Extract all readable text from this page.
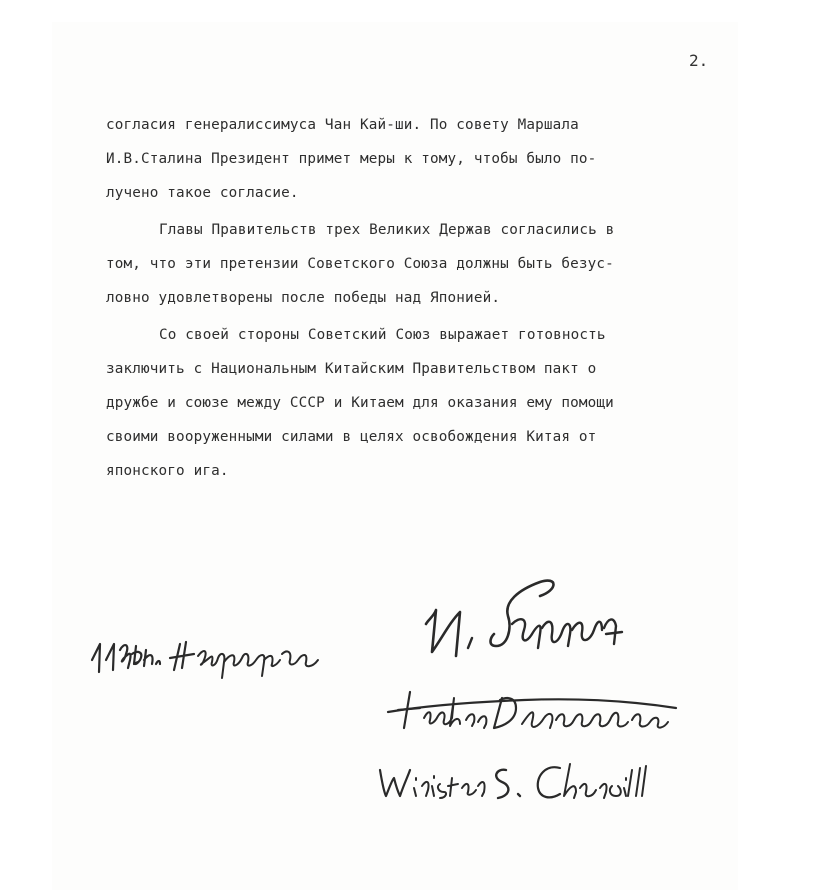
2.
согласия генералиссимуса Чан Кай-ши. По совету Маршала
И.В.Сталина Президент примет меры к тому, чтобы было по-
лучено такое согласие.
Главы Правительств трех Великих Держав согласились в
том, что эти претензии Советского Союза должны быть безус-
ловно удовлетворены после победы над Японией.
Со своей стороны Советский Союз выражает готовность
заключить с Национальным Китайским Правительством пакт о
дружбе и союзе между СССР и Китаем для оказания ему помощи
своими вооруженными силами в целях освобождения Китая от
японского ига.
